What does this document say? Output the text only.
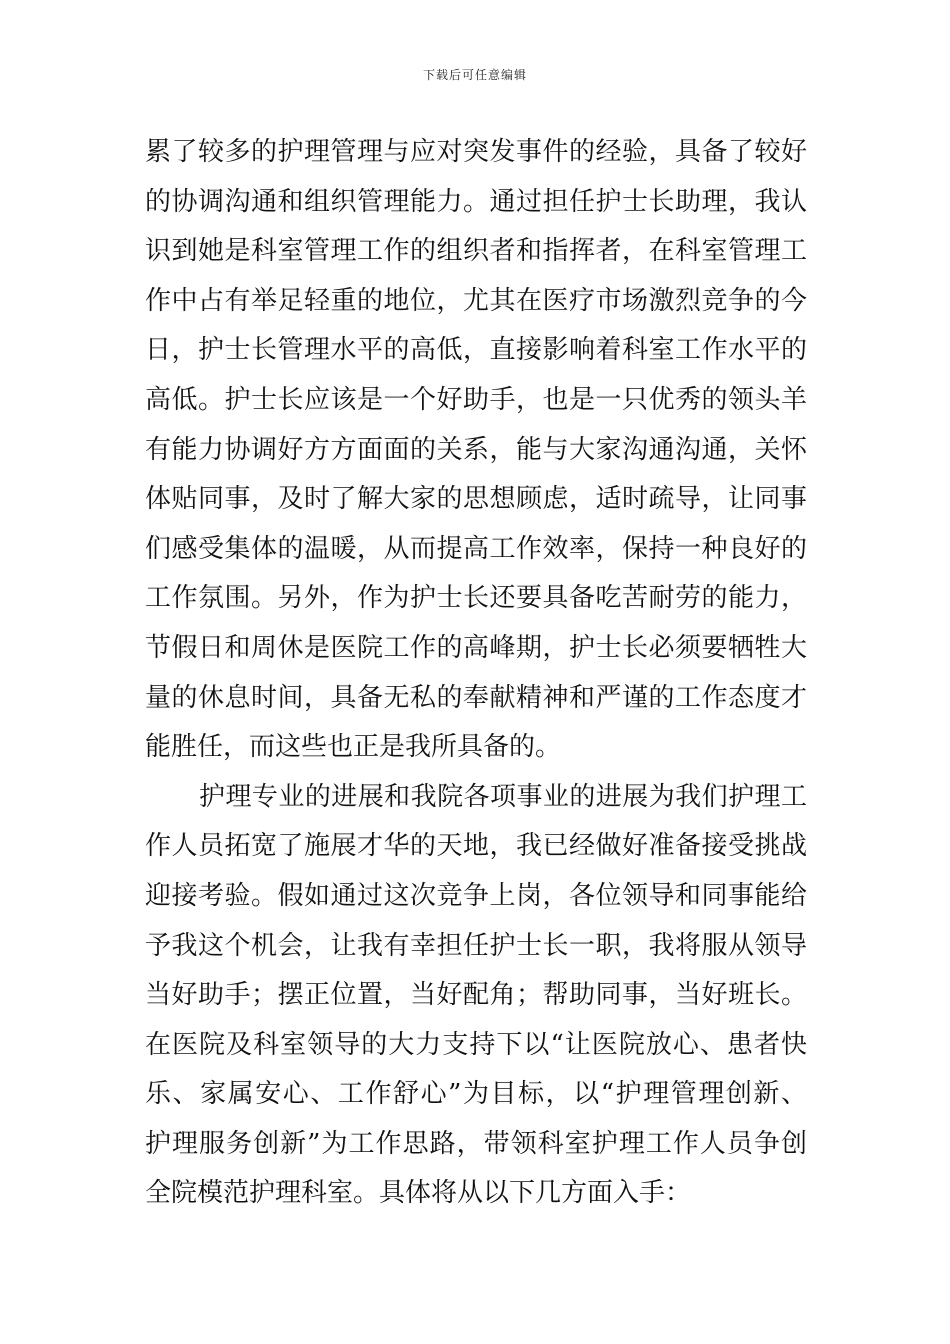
下载后可任意编辑
累了较多的护理管理与应对突发事件的经验，具备了较好
的协调沟通和组织管理能力。通过担任护士长助理，我认
识到她是科室管理工作的组织者和指挥者，在科室管理工
作中占有举足轻重的地位，尤其在医疗市场激烈竞争的今
日，护士长管理水平的高低，直接影响着科室工作水平的
高低。护士长应该是一个好助手，也是一只优秀的领头羊
有能力协调好方方面面的关系，能与大家沟通沟通，关怀
体贴同事，及时了解大家的思想顾虑，适时疏导，让同事
们感受集体的温暖，从而提高工作效率，保持一种良好的
工作氛围。另外，作为护士长还要具备吃苦耐劳的能力，
节假日和周休是医院工作的高峰期，护士长必须要牺牲大
量的休息时间，具备无私的奉献精神和严谨的工作态度才
能胜任，而这些也正是我所具备的。
护理专业的进展和我院各项事业的进展为我们护理工
作人员拓宽了施展才华的天地，我已经做好准备接受挑战
迎接考验。假如通过这次竞争上岗，各位领导和同事能给
予我这个机会，让我有幸担任护士长一职，我将服从领导
当好助手；摆正位置，当好配角；帮助同事，当好班长。
在医院及科室领导的大力支持下以“让医院放心、患者快
乐、家属安心、工作舒心”为目标，以“护理管理创新、
护理服务创新”为工作思路，带领科室护理工作人员争创
全院模范护理科室。具体将从以下几方面入手：
